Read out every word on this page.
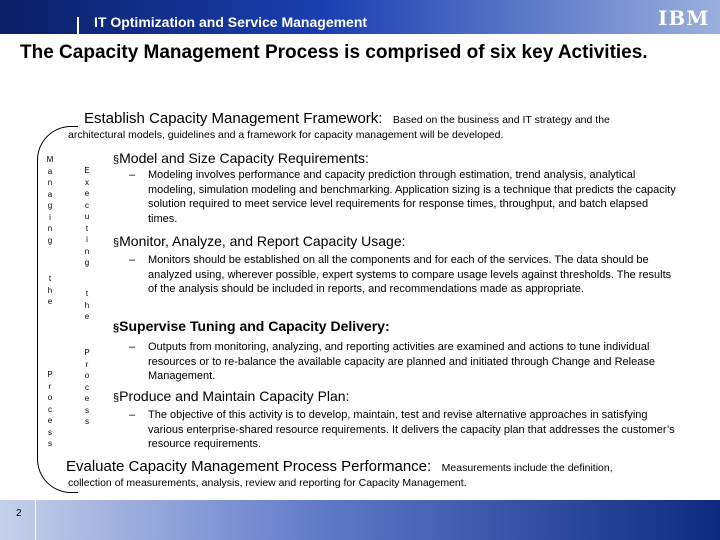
IT Optimization and Service Management	IBM
The Capacity Management Process is comprised of six key Activities.
M
a
n
a
g
i
n
g
t
h
e
P
r
o
c
e
s
s
E
x
e
c
u
t
i
n
g
t
h
e
P
r
o
c
e
s
s
Establish Capacity Management Framework: Based on the business and IT strategy and the
architectural models, guidelines and a framework for capacity management will be developed.
§Model and Size Capacity Requirements:
– Modeling involves performance and capacity prediction through estimation, trend analysis, analytical modeling, simulation modeling and benchmarking. Application sizing is a technique that predicts the capacity solution required to meet service level requirements for response times, throughput, and batch elapsed times.
§Monitor, Analyze, and Report Capacity Usage:
– Monitors should be established on all the components and for each of the services. The data should be analyzed using, wherever possible, expert systems to compare usage levels against thresholds. The results of the analysis should be included in reports, and recommendations made as appropriate.
§Supervise Tuning and Capacity Delivery:
– Outputs from monitoring, analyzing, and reporting activities are examined and actions to tune individual resources or to re-balance the available capacity are planned and initiated through Change and Release Management.
§Produce and Maintain Capacity Plan:
– The objective of this activity is to develop, maintain, test and revise alternative approaches in satisfying various enterprise-shared resource requirements. It delivers the capacity plan that addresses the customer’s resource requirements.
Evaluate Capacity Management Process Performance: Measurements include the definition,
collection of measurements, analysis, review and reporting for Capacity Management.
2
